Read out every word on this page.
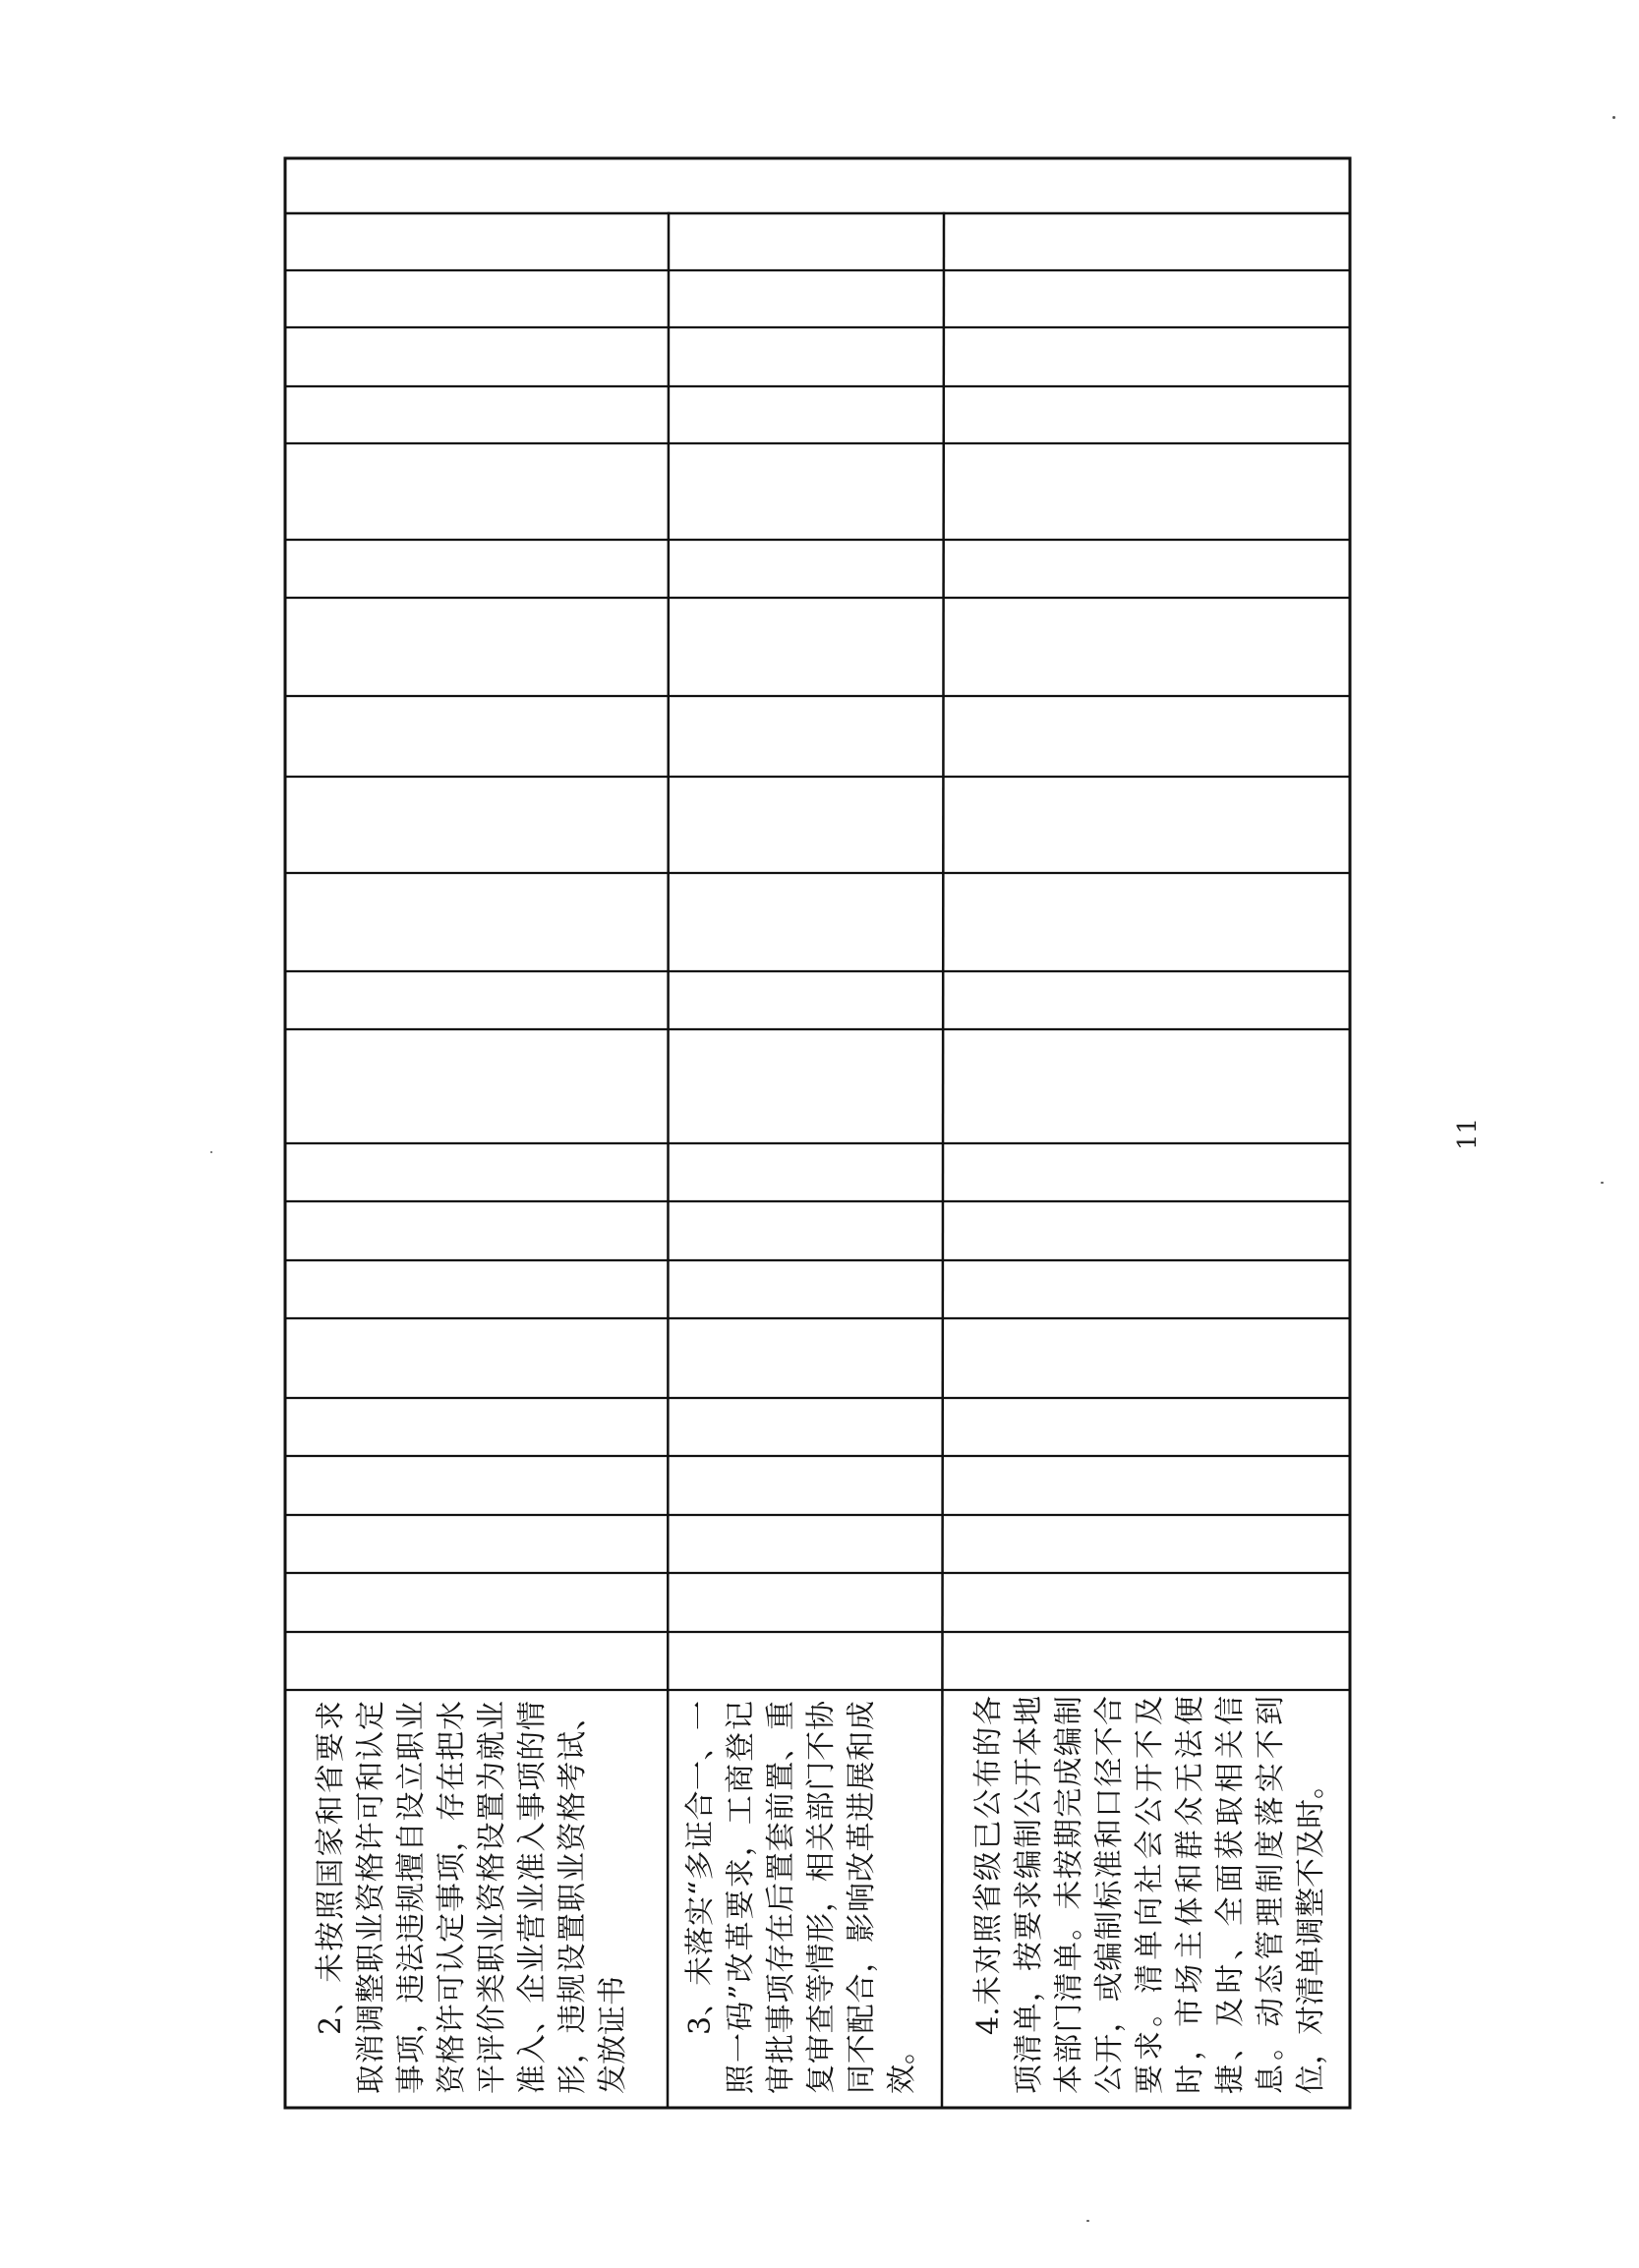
2、未按照国家和省要求取消调整职业资格许可和认定事项，违法违规擅自设立职业资格许可认定事项，存在把水平评价类职业资格设置为就业准入、企业营业准入事项的情形，违规设置职业资格考试、发放证书	3、未落实“多证合一、一照一码”改革要求，工商登记审批事项存在后置套前置、重复审查等情形，相关部门不协同不配合，影响改革进展和成效。
4.未对照省级已公布的各项清单，按要求编制公开本地本部门清单。未按期完成编制公开，或编制标准和口径不合要求。清单向社会公开不及时，市场主体和群众无法便捷、及时、全面获取相关信息。动态管理制度落实不到位，对清单调整不及时。
11
